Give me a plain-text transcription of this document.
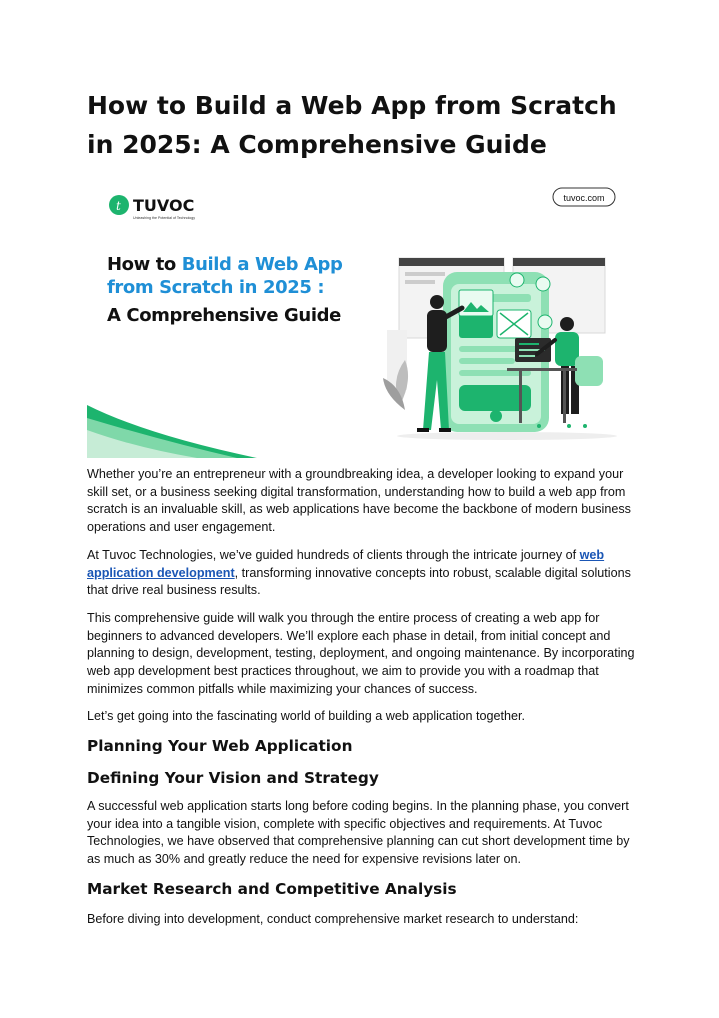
How to Build a Web App from Scratch in 2025: A Comprehensive Guide
t TUVOC
Unleashing the Potential of Technology
tuvoc.com
How to Build a Web App
from Scratch in 2025 :
A Comprehensive Guide

Whether you’re an entrepreneur with a groundbreaking idea, a developer looking to expand your skill set, or a business seeking digital transformation, understanding how to build a web app from scratch is an invaluable skill, as web applications have become the backbone of modern business operations and user engagement.

At Tuvoc Technologies, we’ve guided hundreds of clients through the intricate journey of web application development, transforming innovative concepts into robust, scalable digital solutions that drive real business results.

This comprehensive guide will walk you through the entire process of creating a web app for beginners to advanced developers. We’ll explore each phase in detail, from initial concept and planning to design, development, testing, deployment, and ongoing maintenance. By incorporating web app development best practices throughout, we aim to provide you with a roadmap that minimizes common pitfalls while maximizing your chances of success.

Let’s get going into the fascinating world of building a web application together.

Planning Your Web Application
Defining Your Vision and Strategy

A successful web application starts long before coding begins. In the planning phase, you convert your idea into a tangible vision, complete with specific objectives and requirements. At Tuvoc Technologies, we have observed that comprehensive planning can cut short development time by as much as 30% and greatly reduce the need for expensive revisions later on.

Market Research and Competitive Analysis

Before diving into development, conduct comprehensive market research to understand:
